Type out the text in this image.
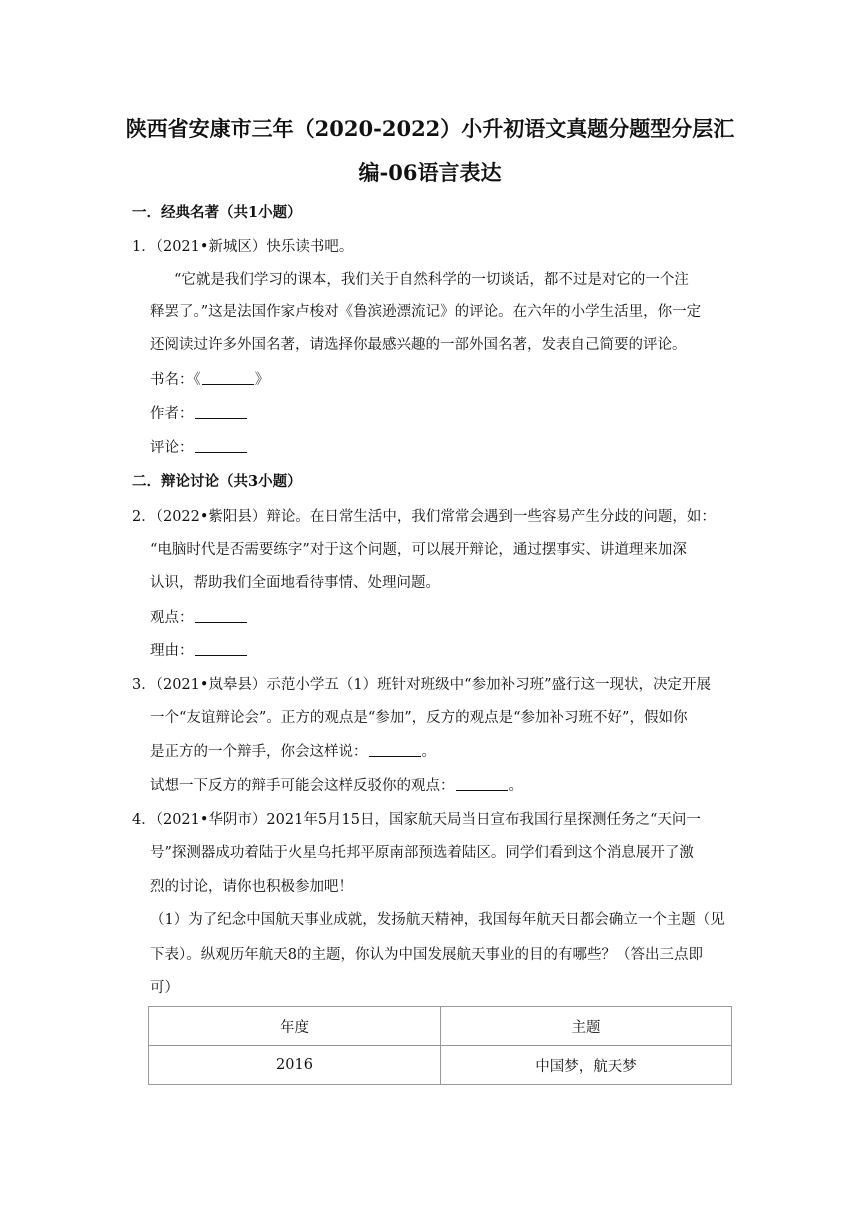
陕西省安康市三年（2020-2022）小升初语文真题分题型分层汇
编-06语言表达
一．经典名著（共1小题）
1．（2021•新城区）快乐读书吧。
“它就是我们学习的课本，我们关于自然科学的一切谈话，都不过是对它的一个注
释罢了。”这是法国作家卢梭对《鲁滨逊漂流记》的评论。在六年的小学生活里，你一定
还阅读过许多外国名著，请选择你最感兴趣的一部外国名著，发表自己简要的评论。
书名：《	》
作者：
评论：
二．辩论讨论（共3小题）
2．（2022•紫阳县）辩论。在日常生活中，我们常常会遇到一些容易产生分歧的问题，如：
“电脑时代是否需要练字”对于这个问题，可以展开辩论，通过摆事实、讲道理来加深
认识，帮助我们全面地看待事情、处理问题。
观点：
理由：
3．（2021•岚皋县）示范小学五（1）班针对班级中“参加补习班”盛行这一现状，决定开展
一个“友谊辩论会”。正方的观点是“参加”，反方的观点是“参加补习班不好”，假如你
是正方的一个辩手，你会这样说：	。
试想一下反方的辩手可能会这样反驳你的观点：	。
4．（2021•华阴市）2021年5月15日，国家航天局当日宣布我国行星探测任务之“天问一
号”探测器成功着陆于火星乌托邦平原南部预选着陆区。同学们看到这个消息展开了激
烈的讨论，请你也积极参加吧！
（1）为了纪念中国航天事业成就，发扬航天精神，我国每年航天日都会确立一个主题（见
下表）。纵观历年航天8的主题，你认为中国发展航天事业的目的有哪些？（答出三点即
可）
年度	主题
2016	中国梦，航天梦
